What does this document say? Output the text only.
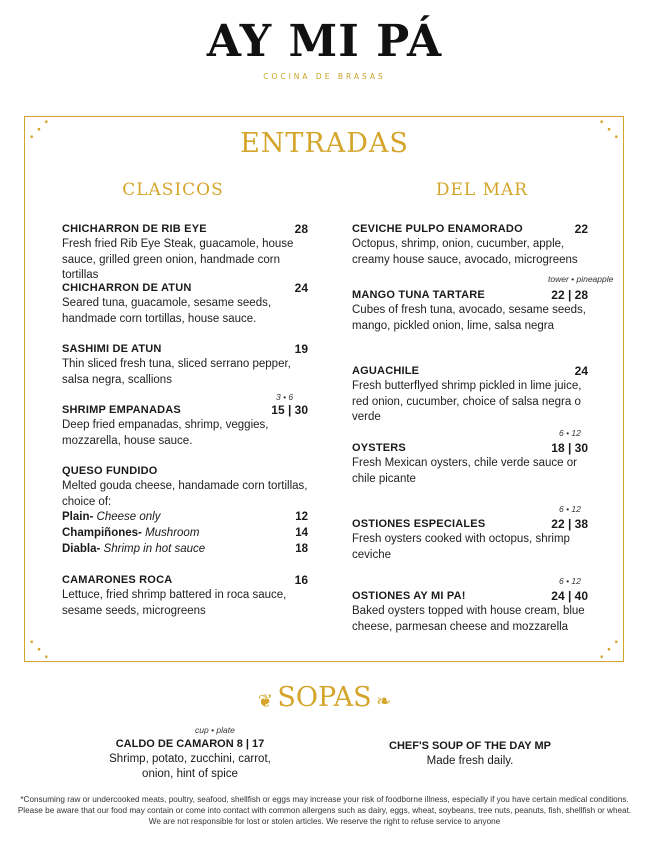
AY MI PÁ
COCINA DE BRASAS
⋰	⋱
⋱	⋰
ENTRADAS
CLASICOS	DEL MAR
CHICHARRON DE RIB EYE	28
Fresh fried Rib Eye Steak, guacamole, house sauce, grilled green onion, handmade corn tortillas
CHICHARRON DE ATUN	24
Seared tuna, guacamole, sesame seeds, handmade corn tortillas, house sauce.
SASHIMI DE ATUN	19
Thin sliced fresh tuna, sliced serrano pepper, salsa negra, scallions
3 • 6
SHRIMP EMPANADAS	15 | 30
Deep fried empanadas, shrimp, veggies, mozzarella, house sauce.
QUESO FUNDIDO
Melted gouda cheese, handamade corn tortillas, choice of:
Plain- Cheese only	12
Champiñones- Mushroom	14
Diabla- Shrimp in hot sauce	18
CAMARONES ROCA	16
Lettuce, fried shrimp battered in roca sauce, sesame seeds, microgreens
CEVICHE PULPO ENAMORADO	22
Octopus, shrimp, onion, cucumber, apple, creamy house sauce, avocado, microgreens
tower • pineapple
MANGO TUNA TARTARE	22 | 28
Cubes of fresh tuna, avocado, sesame seeds, mango, pickled onion, lime, salsa negra
AGUACHILE	24
Fresh butterflyed shrimp pickled in lime juice, red onion, cucumber, choice of salsa negra o verde
6 • 12
OYSTERS	18 | 30
Fresh Mexican oysters, chile verde sauce or chile picante
6 • 12
OSTIONES ESPECIALES	22 | 38
Fresh oysters cooked with octopus, shrimp ceviche
6 • 12
OSTIONES AY MI PA!	24 | 40
Baked oysters topped with house cream, blue cheese, parmesan cheese and mozzarella
❦ SOPAS ❧
cup • plate
CALDO DE CAMARON 8 | 17
Shrimp, potato, zucchini, carrot,
onion, hint of spice
CHEF'S SOUP OF THE DAY MP
Made fresh daily.
*Consuming raw or undercooked meats, poultry, seafood, shellfish or eggs may increase your risk of foodborne illness, especially if you have certain medical conditions.
Please be aware that our food may contain or come into contact with common allergens such as dairy, eggs, wheat, soybeans, tree nuts, peanuts, fish, shellfish or wheat.
We are not responsible for lost or stolen articles. We reserve the right to refuse service to anyone
